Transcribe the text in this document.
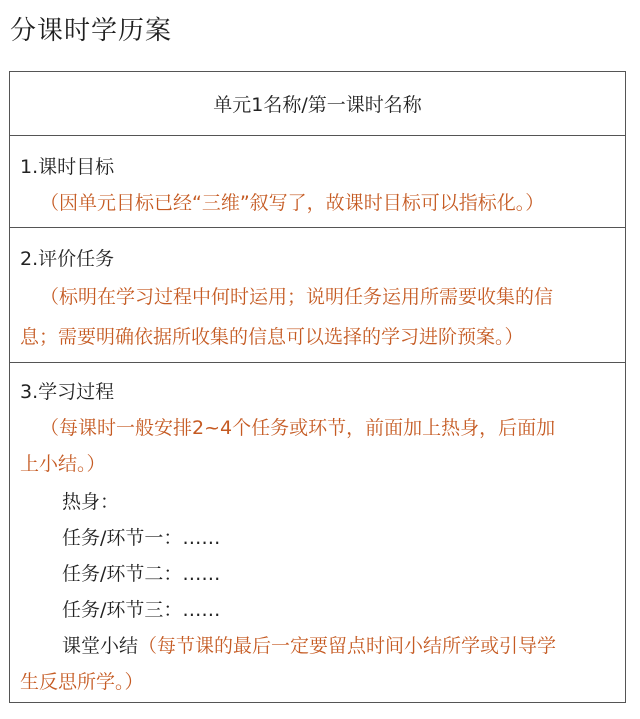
分课时学历案
单元1名称/第一课时名称
1.课时目标
（因单元目标已经“三维”叙写了，故课时目标可以指标化。）
2.评价任务
（标明在学习过程中何时运用；说明任务运用所需要收集的信
息；需要明确依据所收集的信息可以选择的学习进阶预案。）
3.学习过程
（每课时一般安排2~4个任务或环节，前面加上热身，后面加
上小结。）
热身：
任务/环节一：……
任务/环节二：……
任务/环节三：……
课堂小结（每节课的最后一定要留点时间小结所学或引导学
生反思所学。）
